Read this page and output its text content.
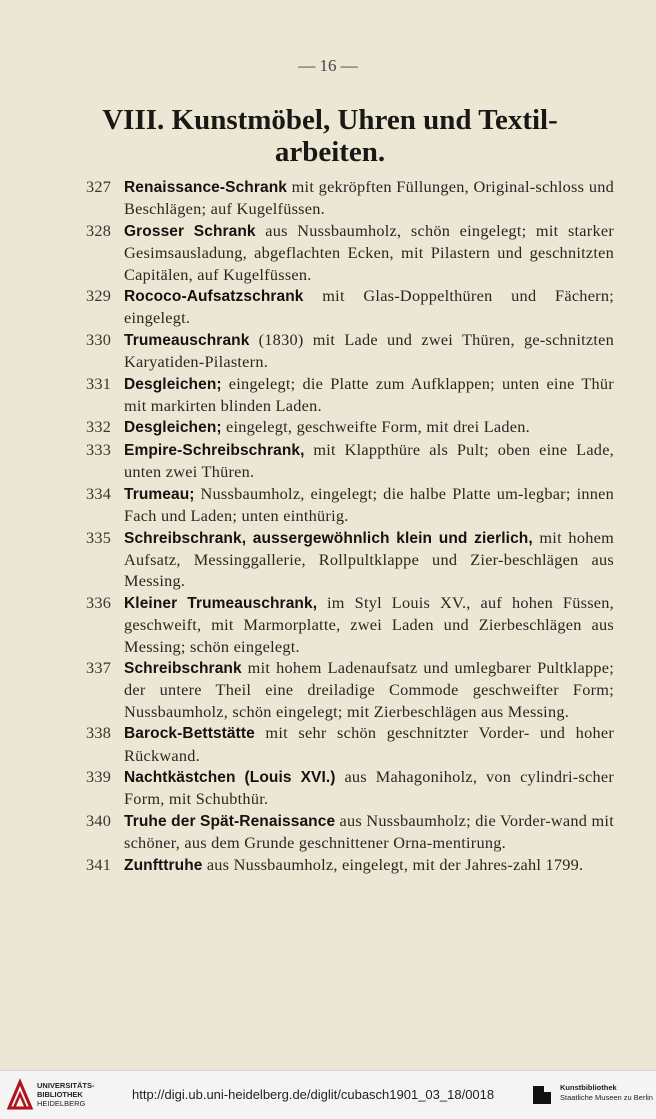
— 16 —
VIII. Kunstmöbel, Uhren und Textil-
arbeiten.
327 Renaissance-Schrank mit gekröpften Füllungen, Original-schloss und Beschlägen; auf Kugelfüssen.
328 Grosser Schrank aus Nussbaumholz, schön eingelegt; mit starker Gesimsausladung, abgeflachten Ecken, mit Pilastern und geschnitzten Capitälen, auf Kugelfüssen.
329 Rococo-Aufsatzschrank mit Glas-Doppelthüren und Fächern; eingelegt.
330 Trumeauschrank (1830) mit Lade und zwei Thüren, ge-schnitzten Karyatiden-Pilastern.
331 Desgleichen; eingelegt; die Platte zum Aufklappen; unten eine Thür mit markirten blinden Laden.
332 Desgleichen; eingelegt, geschweifte Form, mit drei Laden.
333 Empire-Schreibschrank, mit Klappthüre als Pult; oben eine Lade, unten zwei Thüren.
334 Trumeau; Nussbaumholz, eingelegt; die halbe Platte um-legbar; innen Fach und Laden; unten einthürig.
335 Schreibschrank, aussergewöhnlich klein und zierlich, mit hohem Aufsatz, Messinggallerie, Rollpultklappe und Zier-beschlägen aus Messing.
336 Kleiner Trumeauschrank, im Styl Louis XV., auf hohen Füssen, geschweift, mit Marmorplatte, zwei Laden und Zierbeschlägen aus Messing; schön eingelegt.
337 Schreibschrank mit hohem Ladenaufsatz und umlegbarer Pultklappe; der untere Theil eine dreiladige Commode geschweifter Form; Nussbaumholz, schön eingelegt; mit Zierbeschlägen aus Messing.
338 Barock-Bettstätte mit sehr schön geschnitzter Vorder- und hoher Rückwand.
339 Nachtkästchen (Louis XVI.) aus Mahagoniholz, von cylindri-scher Form, mit Schubthür.
340 Truhe der Spät-Renaissance aus Nussbaumholz; die Vorder-wand mit schöner, aus dem Grunde geschnittener Orna-mentirung.
341 Zunfttruhe aus Nussbaumholz, eingelegt, mit der Jahres-zahl 1799.
UNIVERSITÄTS-
BIBLIOTHEK
HEIDELBERG
http://digi.ub.uni-heidelberg.de/diglit/cubasch1901_03_18/0018	Kunstbibliothek
Staatliche Museen zu Berlin
